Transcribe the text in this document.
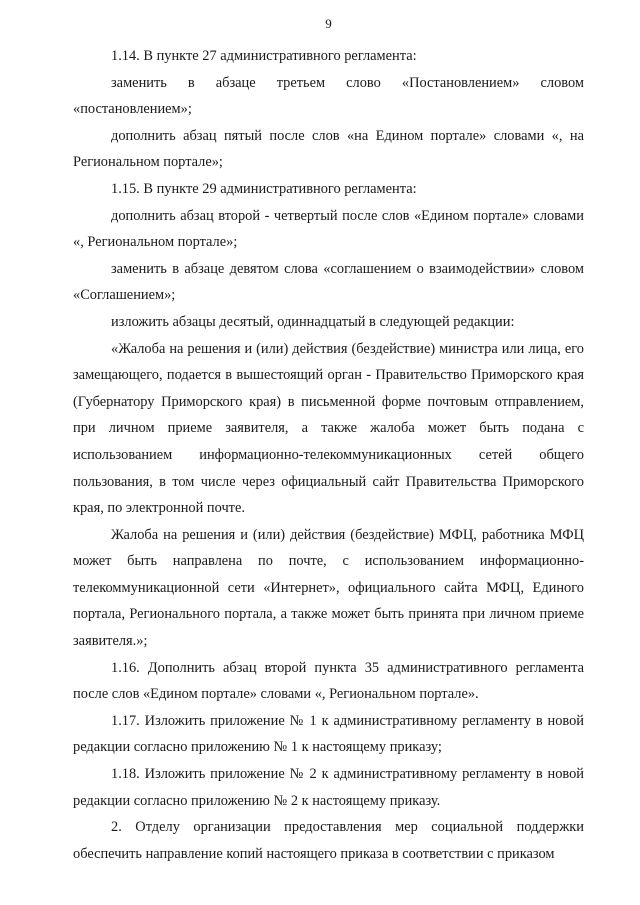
9

1.14. В пункте 27 административного регламента:

заменить в абзаце третьем слово «Постановлением» словом «постановлением»;

дополнить абзац пятый после слов «на Едином портале» словами «, на Региональном портале»;

1.15. В пункте 29 административного регламента:

дополнить абзац второй - четвертый после слов «Едином портале» словами «, Региональном портале»;

заменить в абзаце девятом слова «соглашением о взаимодействии» словом «Соглашением»;

изложить абзацы десятый, одиннадцатый в следующей редакции:

«Жалоба на решения и (или) действия (бездействие) министра или лица, его замещающего, подается в вышестоящий орган - Правительство Приморского края (Губернатору Приморского края) в письменной форме почтовым отправлением, при личном приеме заявителя, а также жалоба может быть подана с использованием информационно-телекоммуникационных сетей общего пользования, в том числе через официальный сайт Правительства Приморского края, по электронной почте.

Жалоба на решения и (или) действия (бездействие) МФЦ, работника МФЦ может быть направлена по почте, с использованием информационно-телекоммуникационной сети «Интернет», официального сайта МФЦ, Единого портала, Регионального портала, а также может быть принята при личном приеме заявителя.»;

1.16. Дополнить абзац второй пункта 35 административного регламента после слов «Едином портале» словами «, Региональном портале».

1.17. Изложить приложение № 1 к административному регламенту в новой редакции согласно приложению № 1 к настоящему приказу;

1.18. Изложить приложение № 2 к административному регламенту в новой редакции согласно приложению № 2 к настоящему приказу.

2. Отделу организации предоставления мер социальной поддержки обеспечить направление копий настоящего приказа в соответствии с приказом
